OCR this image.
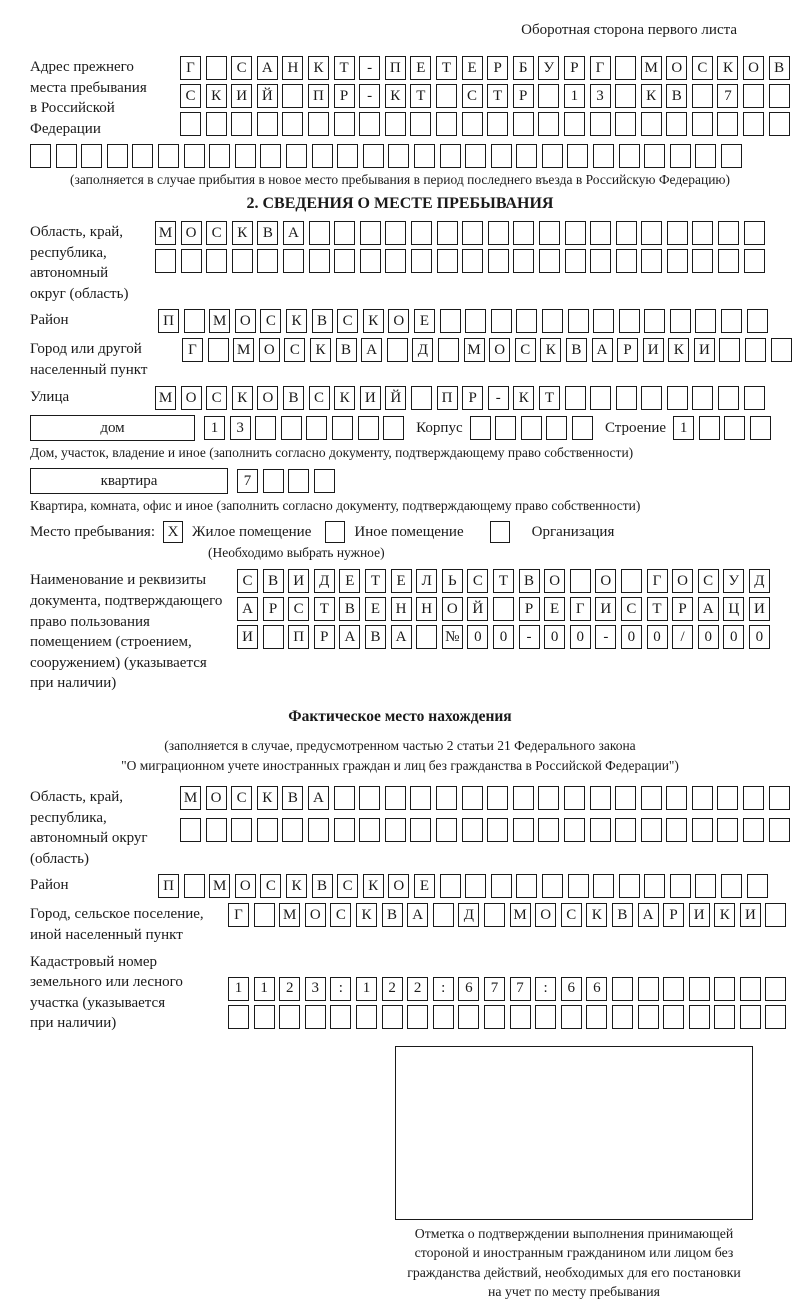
Оборотная сторона первого листа
Адрес прежнего
места пребывания
в Российской
Федерации
Г	С	А Н	К	Т	-	П	Е	Т	Е	Р	Б	У	Р	Г	М О	С	К	О	В
С	К	И Й	П	Р	-	К	Т	С	Т	Р	1	3	К	В	7
(заполняется в случае прибытия в новое место пребывания в период последнего въезда в Российскую Федерацию)
2. СВЕДЕНИЯ О МЕСТЕ ПРЕБЫВАНИЯ
Область, край,
республика,
автономный
округ (область)
М О	С	К	В	А
Район	П	М О	С	К	В	С	К	О	Е
Город или другой
населенный пункт
Г	М О	С	К	В	А	Д	М О	С	К	В	А	Р	И	К	И
Улица	М О	С	К	О	В	С	К	И Й	П	Р	-	К	Т
дом	1	3	Корпус	Строение 1
Дом, участок, владение и иное (заполнить согласно документу, подтверждающему право собственности)
квартира	7
Квартира, комната, офис и иное (заполнить согласно документу, подтверждающему право собственности)
Место пребывания: X Жилое помещение	Иное помещение	Организация
(Необходимо выбрать нужное)
Наименование и реквизиты
документа, подтверждающего
право пользования
помещением (строением,
сооружением) (указывается
при наличии)
С	В	И	Д	Е	Т	Е	Л	Ь	С	Т	В	О	О	Г	О	С	У	Д
А	Р	С	Т	В	Е	Н Н О Й	Р	Е	Г	И	С	Т	Р	А Ц И
И	П	Р	А	В	А	№ 0	0	-	0	0	-	0	0	/	0	0	0
Фактическое место нахождения
(заполняется в случае, предусмотренном частью 2 статьи 21 Федерального закона
"О миграционном учете иностранных граждан и лиц без гражданства в Российской Федерации")
Область, край,
республика,
автономный округ
(область)
М О	С	К	В	А
Район	П	М О	С	К	В	С	К	О	Е
Город, сельское поселение,
иной населенный пункт
Г	М О	С	К	В	А	Д	М О	С	К	В	А	Р	И	К	И
Кадастровый номер
земельного или лесного
участка (указывается
при наличии)
1	1	2	3	:	1	2	2	:	6	7	7	:	6	6
Отметка о подтверждении выполнения принимающей
стороной и иностранным гражданином или лицом без
гражданства действий, необходимых для его постановки
на учет по месту пребывания
